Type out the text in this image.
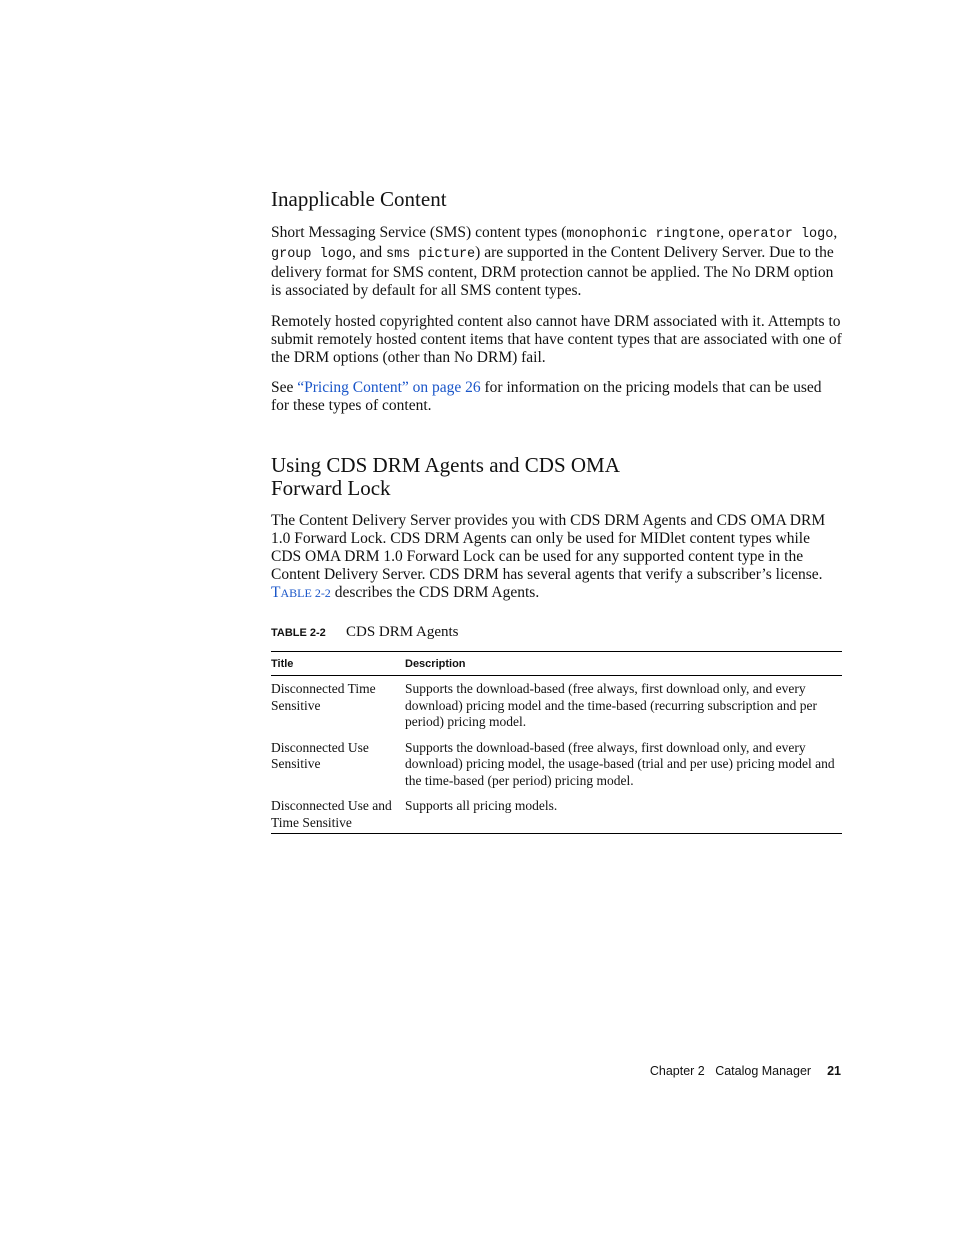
Inapplicable Content

Short Messaging Service (SMS) content types (monophonic ringtone, operator logo, group logo, and sms picture) are supported in the Content Delivery Server. Due to the delivery format for SMS content, DRM protection cannot be applied. The No DRM option is associated by default for all SMS content types.

Remotely hosted copyrighted content also cannot have DRM associated with it. Attempts to submit remotely hosted content items that have content types that are associated with one of the DRM options (other than No DRM) fail.

See “Pricing Content” on page 26 for information on the pricing models that can be used for these types of content.

Using CDS DRM Agents and CDS OMA
Forward Lock

The Content Delivery Server provides you with CDS DRM Agents and CDS OMA DRM 1.0 Forward Lock. CDS DRM Agents can only be used for MIDlet content types while CDS OMA DRM 1.0 Forward Lock can be used for any supported content type in the Content Delivery Server. CDS DRM has several agents that verify a subscriber’s license. TABLE 2-2 describes the CDS DRM Agents.

TABLE 2-2	CDS DRM Agents
Title	Description
Disconnected Time Sensitive	Supports the download-based (free always, first download only, and every download) pricing model and the time-based (recurring subscription and per period) pricing model.
Disconnected Use Sensitive	Supports the download-based (free always, first download only, and every download) pricing model, the usage-based (trial and per use) pricing model and the time-based (per period) pricing model.
Disconnected Use and Time Sensitive	Supports all pricing models.
Chapter 2 Catalog Manager 21
